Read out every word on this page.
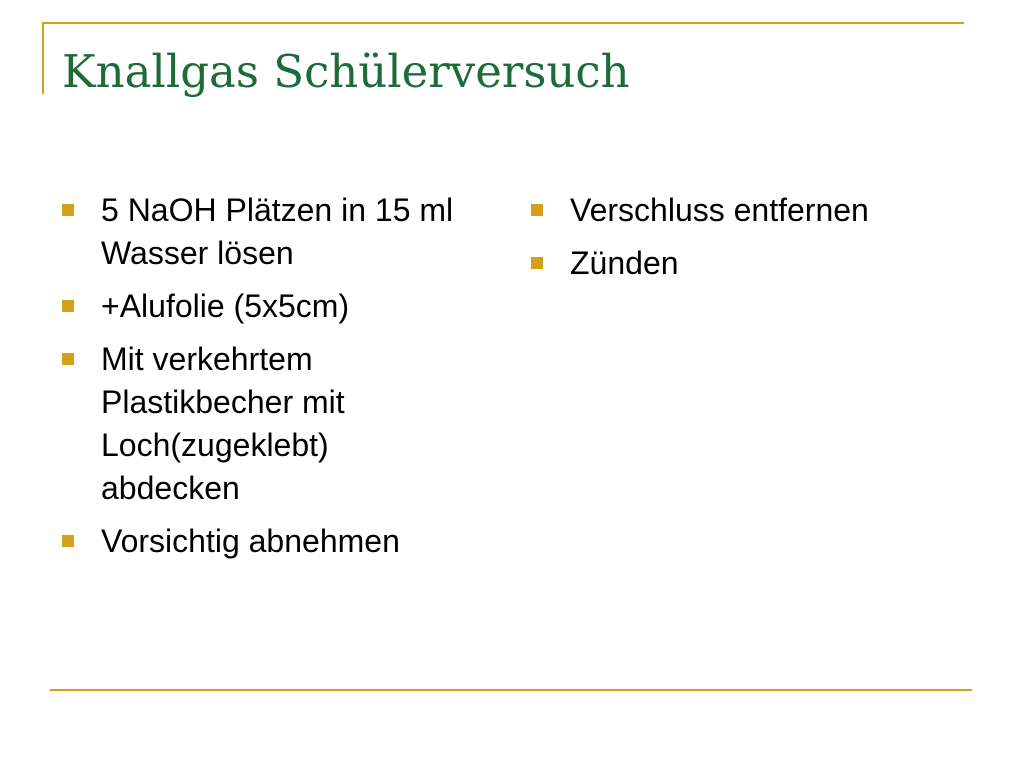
Knallgas Schülerversuch
5 NaOH Plätzen in 15 ml Wasser lösen
+Alufolie (5x5cm)
Mit verkehrtem Plastikbecher mit Loch(zugeklebt) abdecken
Vorsichtig abnehmen
Verschluss entfernen
Zünden
